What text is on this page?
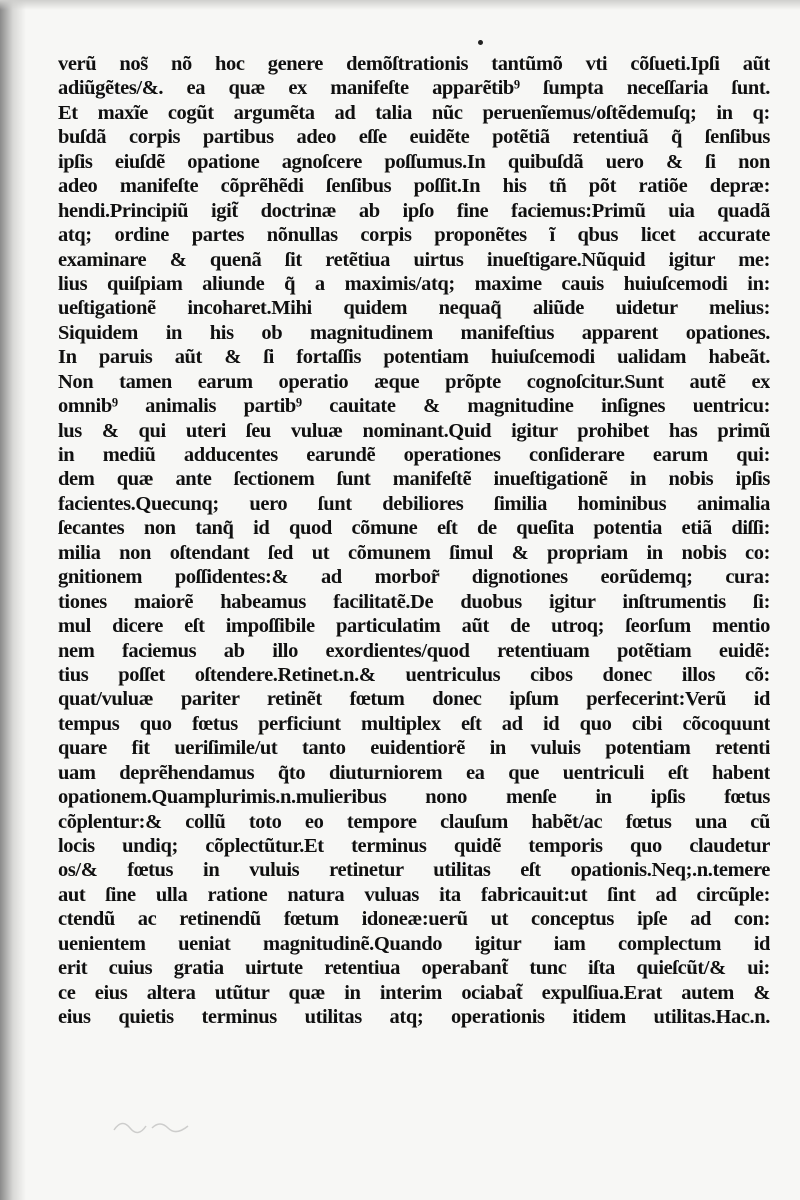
verũ nos̃ nõ hoc genere demõſtrationis tantũmõ vti cõſueti.Ipſi aũt
adiũgẽtes/&. ea quæ ex manifeſte apparẽtib⁹ ſumpta neceſſaria ſunt.
Et maxĩe cogũt argumẽta ad talia nũc peruenĩemus/oſtẽdemuſq; in q:
buſdã corpis partibus adeo eſſe euidẽte potẽtiã retentiuã q̃ ſenſibus
ipſis eiuſdẽ opatione agnoſcere poſſumus.In quibuſdã uero & ſi non
adeo manifeſte cõprẽhẽdi ſenſibus poſſit.In his tñ põt ratiõe depræ:
hendi.Principiũ igit̃ doctrinæ ab ipſo fine faciemus:Primũ uia quadã
atq; ordine partes nõnullas corpis proponẽtes ĩ qbus licet accurate
examinare & quenã ſit retẽtiua uirtus inueſtigare.Nũquid igitur me:
lius quiſpiam aliunde q̃ a maximis/atq; maxime cauis huiuſcemodi in:
ueſtigationẽ incoharet.Mihi quidem nequaq̃ aliũde uidetur melius:
Siquidem in his ob magnitudinem manifeſtius apparent opationes.
In paruis aũt & ſi fortaſſis potentiam huiuſcemodi ualidam habeãt.
Non tamen earum operatio æque prõpte cognoſcitur.Sunt autẽ ex
omnib⁹ animalis partib⁹ cauitate & magnitudine inſignes uentricu:
lus & qui uteri ſeu vuluæ nominant.Quid igitur prohibet has primũ
in mediũ adducentes earundẽ operationes conſiderare earum qui:
dem quæ ante ſectionem ſunt manifeſtẽ inueſtigationẽ in nobis ipſis
facientes.Quecunq; uero ſunt debiliores ſimilia hominibus animalia
ſecantes non tanq̃ id quod cõmune eſt de queſita potentia etiã diſſi:
milia non oſtendant ſed ut cõmunem ſimul & propriam in nobis co:
gnitionem poſſidentes:& ad morbor̃ dignotiones eorũdemq; cura:
tiones maiorẽ habeamus facilitatẽ.De duobus igitur inſtrumentis ſi:
mul dicere eſt impoſſibile particulatim aũt de utroq; ſeorſum mentio
nem faciemus ab illo exordientes/quod retentiuam potẽtiam euidẽ:
tius poſſet oſtendere.Retinet.n.& uentriculus cibos donec illos cõ:
quat/vuluæ pariter retinẽt fœtum donec ipſum perfecerint:Verũ id
tempus quo fœtus perficiunt multiplex eſt ad id quo cibi cõcoquunt
quare fit ueriſimile/ut tanto euidentiorẽ in vuluis potentiam retenti
uam deprẽhendamus q̃to diuturniorem ea que uentriculi eſt habent
opationem.Quamplurimis.n.mulieribus nono menſe in ipſis fœtus
cõplentur:& collũ toto eo tempore clauſum habẽt/ac fœtus una cũ
locis undiq; cõplectũtur.Et terminus quidẽ temporis quo claudetur
os/& fœtus in vuluis retinetur utilitas eſt opationis.Neq;.n.temere
aut ſine ulla ratione natura vuluas ita fabricauit:ut ſint ad circũple:
ctendũ ac retinendũ fœtum idoneæ:uerũ ut conceptus ipſe ad con:
uenientem ueniat magnitudinẽ.Quando igitur iam complectum id
erit cuius gratia uirtute retentiua operabant̃ tunc iſta quieſcũt/& ui:
ce eius altera utũtur quæ in interim ociabat̃ expulſiua.Erat autem &
eius quietis terminus utilitas atq; operationis itidem utilitas.Hac.n.
